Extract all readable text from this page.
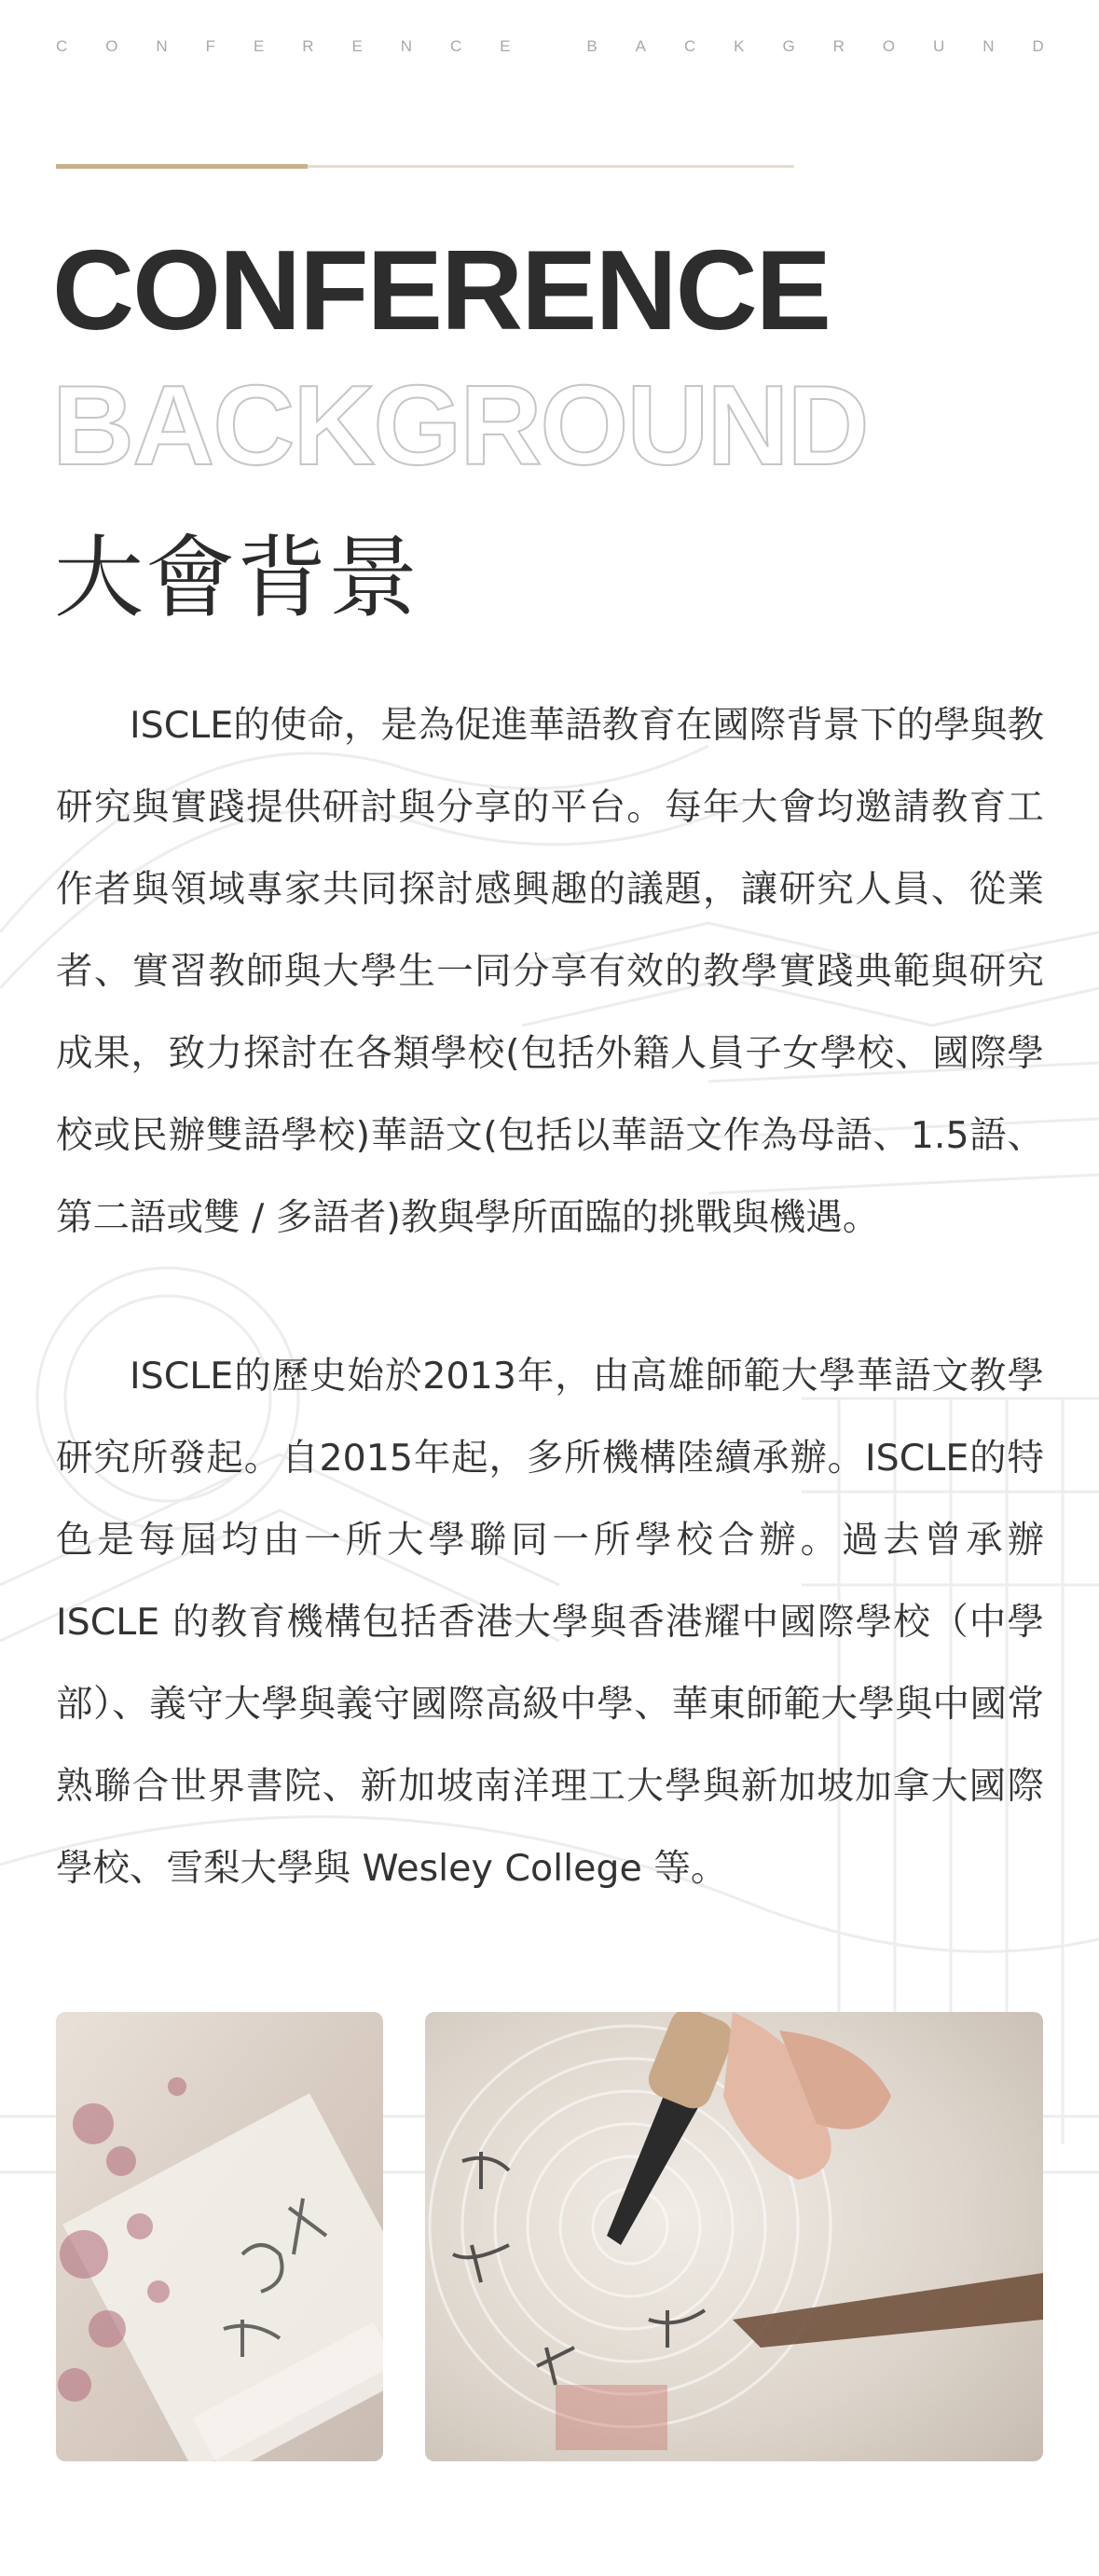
C O N F E R E N C E	B A C K G R O U N D
CONFERENCE
BACKGROUND
大會背景

ISCLE的使命，是為促進華語教育在國際背景下的學與教研究與實踐提供研討與分享的平台。每年大會均邀請教育工作者與領域專家共同探討感興趣的議題，讓研究人員、從業者、實習教師與大學生一同分享有效的教學實踐典範與研究成果，致力探討在各類學校(包括外籍人員子女學校、國際學校或民辦雙語學校)華語文(包括以華語文作為母語、1.5語、第二語或雙 / 多語者)教與學所面臨的挑戰與機遇。

ISCLE的歷史始於2013年，由高雄師範大學華語文教學研究所發起。自2015年起，多所機構陸續承辦。ISCLE的特色是每屆均由一所大學聯同一所學校合辦。過去曾承辦 ISCLE 的教育機構包括香港大學與香港耀中國際學校（中學部）、義守大學與義守國際高級中學、華東師範大學與中國常熟聯合世界書院、新加坡南洋理工大學與新加坡加拿大國際學校、雪梨大學與 Wesley College 等。
